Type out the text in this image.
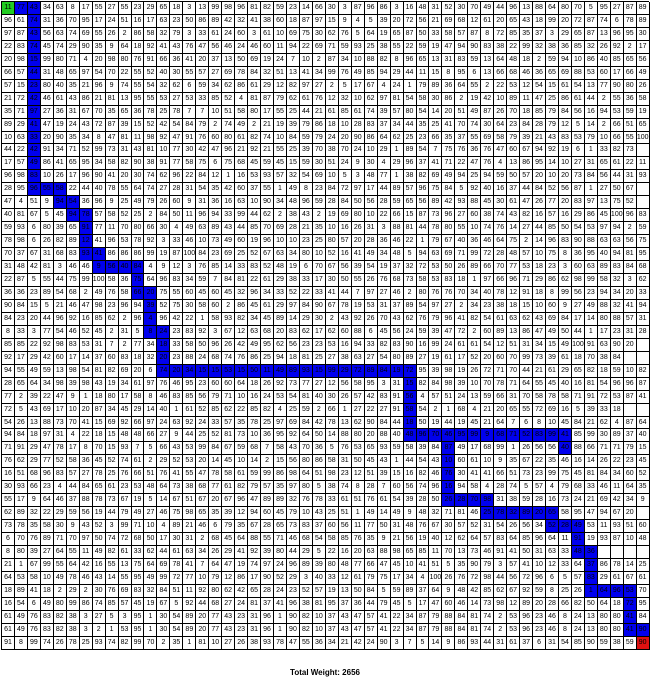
11 77 43 34 63	8	17 55 27 55 23 29 65 18	3	13 99 98 96 81 82 59 23 14 66 30	3	87 96 86	3	16 48 31 52 30 70 49 44 96 13 88 64 80 70	5	95 27 87 89
96 61 74 31 36 70 95 17 24 51 16 17 63 23 50 86 89 42 32 41 38 60 18 87 97 15	9	4	5	39 20 72 56 21 69 68 12 61 20 65 43 18 99 20 72 87 74	6	78 89
97 87 43 56 63 74 69 55 26	2	86 58 32 79	3	33 61 24 60	3	61 10 69 75 30 62 76	5	64 19 65 87 50 33 58 57 87	8	72 85 35 37	3	29 65 87 13 96 95 30
22 83 74 45 74 29 90 35	9	64 18 92 41 43 76 47 56 46 24 46 60 11 94 22 69 71 59 93 25 38 55 22 59 19 47 94 90 83 38 22 99 32 38 36 85 32 26 92	2	17
20 98 15 99 80 71	4	20 98 80 76 91 66 36 41 20 37 13 50 69 19 24	7	10	2	87 34 10 88 82	8	96 65 13 31 83 59 13 64 48 18	2	59 94 10 86 40 85 65 56
66 57 44 31 48 65 97 54 70 22 55 52 40 30 55 57 27 69 78 84 32 51 13 41 34 99 76 49 85 94 29 44 11 15	8	95	6	13 66 68 46 36 65 69 88 53 60 17 66 49
57 15 23 80 40 35 21 96	9	74 55 54 32 62	6	59 34 62 86 61 29 12 82 97 27	2	5	17 67	4	24	1	79 89 36 64 55	2	22 53 12 54 15 61 54 13 77 90 80 26
21 72 42 46 61 43 86 21 81 13 95 55 53 27 53 33 85 52	4	81 87 79 62 61 76 12 32 10 62 97 81 54 58 30 86	2	19 42 10 89 11 47 25 86 61 44	2	55 36 58
35 71 97 27 36 31 67 70 35 65 36 78 25 78	7	7	10 51 58 80 17 55 25 44 21 61 85 61 74 39 57 80 54 14 20 51 49 87 26 70 18 85 79 84 56 16 94 53 59 19
89 29 41 47 19 24 43 72 87 39 15 52 42 54 84 79	2	74 49	2	21 19 39 79 86 18 10 28 83 37 34 44 35 25 41 70 74 30 64 23 84 28 79 12	5	14	2	66 51 65
10 63 33 20 90 35 34	8	47 81 11 98 92 47 91 76 60 80 61 82 74 10 84 59 79 24 20 90 86 64 62 25 23 66 35 37 55 69 58 79 39 21 43 83 53 79 10 66 55 100
44 22 42 91 34 71 52 99 73 31 43 81 10 77 30 42 47 96 21 92 21 55 25 39 70 38 70 24 10 29	1	89 54	7	75 76 36 76 47 60 67 94 92 19	6	1	33 82 73
17 57 49 86 41 65 95 34 58 82 90 38 91 77 58 75	6	75 68 45 59 45 15 59 30 51 24	9	30	4	29 96 37 41 71 22 47 76	4	13 86 95 14 10 27 31 65 61 22 11
96 98 83 10 26 17 96 90 41 20 30 74 62 96 22 84 12	1	16 53 93 57 32 54 69 10	5	3	48 77	1	38 82 69 49 94 25 94 59 50 57 20 10 20 73 84 56 44 31 93
28 95 96 55 58 22 44 40 78 55 64 74 27 28 31 54 35 42 60 37 55	1	49	8	23 84 72 97 17 44 89 57 96 75 84	5	92 40 16 37 44 84 52 56 87	1	27 50 67
47	4	51	9	94 54 36 96	9	25 49 79 26 60	9	31 36 16 63 10 90 34 48 96 59 28 84 50 56 28 59 65 56 89 42 93 88 45 30 61 47 26 77 20 83 97 13 75 52
40 81 67	5	45 94 78 57 58 52 25	2	84 50 11 96 94 33 99 44 62	2	38 43	2	19 69 80 10 22 66 15 87 73 96 27 60 38 74 43 82 16 57 16 29 86 45 100 96 83
59 93	6	80 39 65 91 77 11 70 80 66 30	4	49 63 89 43 44 85 70 69 28 21 35 10 16 26 31	3	88 81 44 78 80 55 10 74 76 14 27 44 85 50 54 53 97 94	2	59
78 98	6	26 82 89 12 41 96 53 78 92	3	33 46 10 73 49 60 19 96 10 10 23 25 80 57 20 28 36 46 22	1	79 67 40 36 46 64 75	2	14 96 83 90 88 63 63 56 75
70 37 67 31 68 83 93 41 86 86 86 99 19 87 100 84 23 69 25 52 67 63 34 80 10 52 16 41 49 34 48	5	94 63 69 71 99 72 28 48 57 10 75	8	36 95 40 94 81 95
31 48 42 81	3	46 46	9	56 40 84	4	9	12	3	76 85 14 33 83 52 48 19	6	70 67 56 39 54 19 37 32 72 53 50 26 89 66 70 77 53 18 23	3	60 63 89 83 84 68
22 87	5	55 44 75 99 100 58 36 75 64 96 83 34 59	7	84 81 22 61 29 38 33 17 30 50 55 26 76 68 73 58 53 83 18	1	97 66 96 71 29 86 62 98 99 58 32	3	62
36 36 23 89 54 68	2	49 76 58 66 20 75 55 60 45 60 45 32 96 34 33 52 22 33 41 44	7	97 27 46	2	80 76 76 70 34 40 78 12 91 18	8	99 56 23 94 34 20 33
90 84 15	5	21 46 47 98 23 96 94 39 52 75 30 58 60	2	86 45 61 29 97 84 90 67 78 19 53 31 37 89 54 97 27	2	34 23 38 18 15 10 60	9	27 49 88 32 41 94
84 23 20 44 96 92 16 85 62	2	96	4	96 42 22	1	58 93 82 34 45 89 14 29 30	2	43 92 26 70 43 62 76 79 96 41 82 54 61 63 62 43 69 84 17 14 80 88 57 31
8	33	3	77 54 46 52 45	2	31	5	8	24 23 83 92	3	67 12 63 68 20 83 62 17 62 60 88	6	45 56 24 59 39 47 72	2	60 89 13 86 47 49 50 44	1	17 23 31 28
85 85 22 92 98 83 53 31	7	2	77 34 18 33 58 50 96 26 42 49 95 62 56 23 23 53 16 94 33 82 83 90 16 99 24 61 61 54 12 51 31 34 15 49 100 91 63 90 20
92 17 29 42 60 17 14 37 60 83 18 32 20 23 88 24 68 74 76 86 25 94 18 81 25 27 38 63 27 54 80 89 27 19 61 17 52 20 60 70 99 73 39 61 18 70 38 84
94 55 49 59 13 98 54 81 82 69 20	6	74 20 34 15 15 53 15 50 11 49 89 93 15 99 29 72 89 84 19 72 95 39 98 19 26 72 71 70 44 21 61 29 65 82 18 59 10 82
28 65 64 34 98 39 98 43 19 34 61 97 76 46 95 23 60 60 64 18 26 92 73 77 27 12 56 58 95	3	31 15 82 84 98 39 10 70 78 71 64 55 45 40 16 81 54 96 96 87
77	2	39 22 47	9	1	18 80 17 58	8	46 83 85 56 79 71 10 16 24 53 54 81 40 30 26 57 42 83 91 56	4	57 51 24 13 59 66 31 70 58 78 58 71 91 72 53 87 41
72	5	43 69 17 10 20 87 34 45 29 14 40	1	61 52 85 62 22 85 82	4	25 59	2	66	1	27 22 27 91 58 54	2	1	68	4	21 20 65 55 72 69 16	5	39 33 18
54 26 13 88 73 70 41 15 69 92 66 97 24 63 92 24 33 57 35 78 25 97 69 84 42 78 13 62 90 84 44 18 50 19 44 19 45 21 64	7	6	8	10 45 84 21 62	4	87 64
94 84 18 97 31	4	22 18 15 48 48 66 27	9	44 25 52 81 73 10 36 95 92 64 50 14 88 80 20 88 40 48 96 70 46 95 99	9	68 71 52 83 99 41 85 99 30 89 37 40
71 91 29 47 78 17	8	70 15 93	7	5	66 43 53 99 84 67 59 68	7	58 43 70 36	5	76 53 65 93 59 58 39 84 87 49 17 68 99	1	26 56 56 40 88 66 71 71 79 15
76 62 29 77 52 58 36 45 52 74 61	2	29 52 53 20 14 45 10 14	2	15 56 80 86 58 31 50 45 43	1	44 54 43 10 60 61 10	9	35 67 22 35 46 16 14 26 22 23 45
16 51 68 96 83 57 27 78 25 76 66 51 76 41 55 47 78 58 61 59 99 86 98 64 51 98 23 12 51 39 15 16 82 46 76 30 41 41 66 51 73 23 99 75 45 81 84 34 60 52
30 93 66 23	4	44 84 65 61 23 53 48 64 73 38 68 77 61 82 79 57 35 97 80	5	38 74	8	28	7	60 56 74 96 16 94 58	4	28 74	5	57	4	79 68 33 46 11 64 35
55 17	9	64 46 37 88 78 73 67 19	5	14 67 51 67 20 67 96 47 89 89 32 76 78 33 61 51 76 61 54 39 28 50 26 28 70 98 31 38 59 28 16 73 24 21 69 42 34	9
62 89 32 22 29 59 56 19 44 79 49 27 46 75 98 65 35 39 12 94 60 45 79 10 43 25 51	1	49 14 49	9	48 32 71 81 46 25 78 32 89 20 65 58 95 47 94 67 20
73 78 35 58 30	9	43 52	3	99 71 10	4	89 21 46	6	79 35 67 28 65 73 83 37 60 56 11 77 50 31 48 76 67 30 57 52 31 54 26 56 34 52 28 49 53 11 93 51 60
6	70 76 89 71 70 97 50 74 72 68 50 17 30 31	2	68 45 64 88 55 71 46 68 54 58 85 76 35	9	21 56 19 40 12 62 64 57 83 64 85 96 64 11 91 19 93 87 10 48
8	80 39 27 64 55 11 49 82 61 33 62 44 61 63 34 26 29 41 92 39 80 44 29	5	22 16 20 63 88 98 65 85 11 70 13 73 46 91 41 50 31 63 33 48 36
21	1	67 99 55 64 42 16 55 13 75 64 69 78 41	7	64 47 19 74 97 24 96 89 39 80 48 77 66 47 45 10 41 51	5	35 90 79	3	57 41 10 12 33 64 37 86 78 14 25
64 53 58 10 49 78 46 43 14 55 95 49 99 72 77 10 79 12 86 17 90 52 29	3	40 33 12 61 79 75 17 34	4 100 26 76 72 98 44 56 72 96	6	5	57 83 29 61 67 61
18 89 41 18	2	29	2	30 76 69 83 32 84 51 11 92 80 62 42 65 28 24 23 52 57 19 13 50 84	5	59 89 37 64	9	48 42 85 62 67 92 59	8	25 26	1	64 96 53 70
16 54	6	49 80 99 86 74 85 57 45 19 67	5	92 44 68 27 24 81 37 41 96 38 81 95 37 36 44 79 45	5	17 47 60 46 14 73 98 12 89 20 28 66 82 50 64 18 72 95
61 49 76 83 82 38	3	27	5	3	95	1	30 54 89 20 77 43 23 31 96	1	90 82 10 37 43 47 57 41 22 34 87 79 88 84 81 74	2	53 96 23 46	8	24 13 80 80 41 84
61 49 76 83 82 38	3	2	1	53 95	1	30 54 89 20 77 43 23 31 96	1	90 82 10 37 43 47 57 41 22 34 87 79 88 84 81 74	2	53 96 23 46	8	24 13 80 80 41 90
91	8	99 74 26 78 25 93 74 82 99 70	2	35	1	81 10 27 26 38 93 78 47 55 36 34 21 42 24 90	3	7	5	14	9	86 93 44 31 61 37	6	31 54 85 90 59 38 59 90
Total Weight: 2656
